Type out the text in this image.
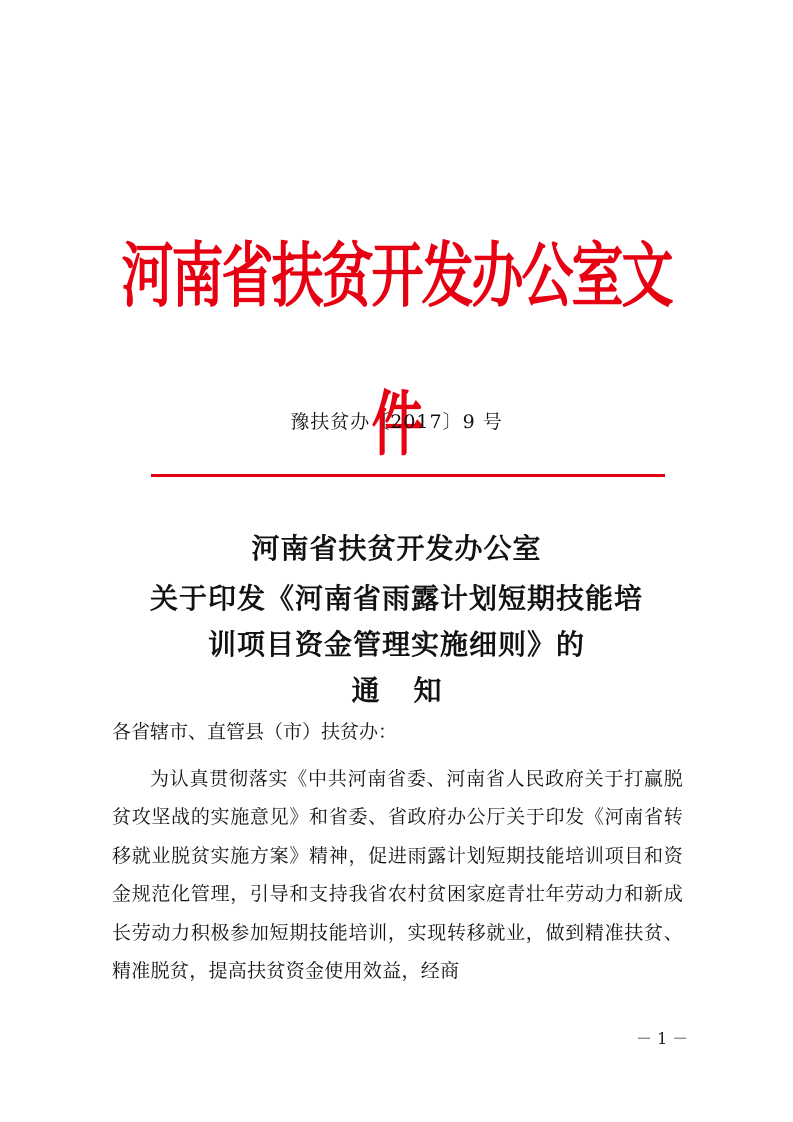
河南省扶贫开发办公室文件
豫扶贫办〔2017〕9 号
河南省扶贫开发办公室
关于印发《河南省雨露计划短期技能培
训项目资金管理实施细则》的
通 知
各省辖市、直管县（市）扶贫办：
为认真贯彻落实《中共河南省委、河南省人民政府关于打赢脱贫攻坚战的实施意见》和省委、省政府办公厅关于印发《河南省转移就业脱贫实施方案》精神，促进雨露计划短期技能培训项目和资金规范化管理，引导和支持我省农村贫困家庭青壮年劳动力和新成长劳动力积极参加短期技能培训，实现转移就业，做到精准扶贫、精准脱贫，提高扶贫资金使用效益，经商
－ 1 －
